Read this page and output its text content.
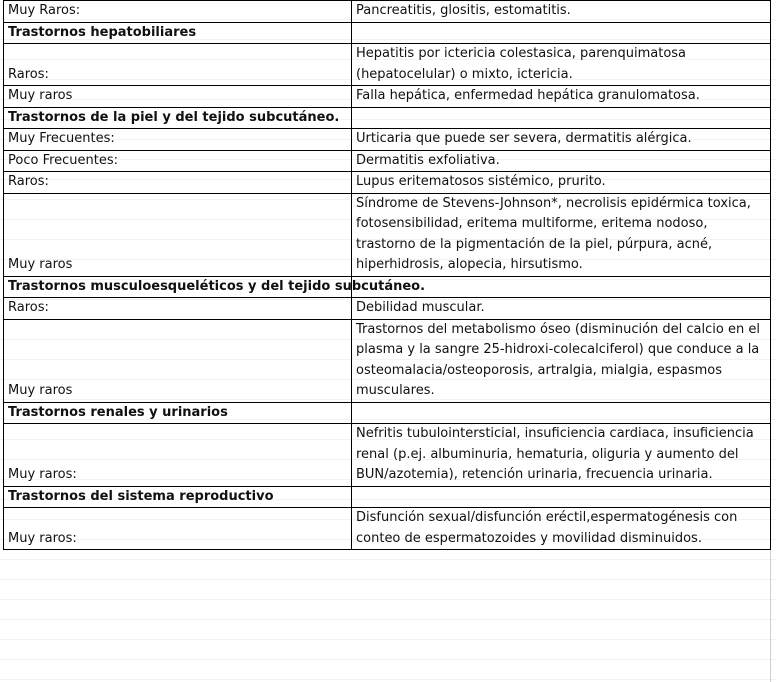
Muy Raros:	Pancreatitis, glositis, estomatitis.
Trastornos hepatobiliares	
Raros:	Hepatitis por ictericia colestasica, parenquimatosa (hepatocelular) o mixto, ictericia.
Muy raros	Falla hepática, enfermedad hepática granulomatosa.
Trastornos de la piel y del tejido subcutáneo.	
Muy Frecuentes:	Urticaria que puede ser severa, dermatitis alérgica.
Poco Frecuentes:	Dermatitis exfoliativa.
Raros:	Lupus eritematosos sistémico, prurito.
Muy raros	Síndrome de Stevens-Johnson*, necrolisis epidérmica toxica, fotosensibilidad, eritema multiforme, eritema nodoso, trastorno de la pigmentación de la piel, púrpura, acné, hiperhidrosis, alopecia, hirsutismo.
Trastornos musculoesqueléticos y del tejido subcutáneo.	
Raros:	Debilidad muscular.
Muy raros	Trastornos del metabolismo óseo (disminución del calcio en el plasma y la sangre 25-hidroxi-colecalciferol) que conduce a la osteomalacia/osteoporosis, artralgia, mialgia, espasmos musculares.
Trastornos renales y urinarios	
Muy raros:	Nefritis tubulointersticial, insuficiencia cardiaca, insuficiencia renal (p.ej. albuminuria, hematuria, oliguria y aumento del BUN/azotemia), retención urinaria, frecuencia urinaria.
Trastornos del sistema reproductivo	
Muy raros:	Disfunción sexual/disfunción eréctil,espermatogénesis con conteo de espermatozoides y movilidad disminuidos.
